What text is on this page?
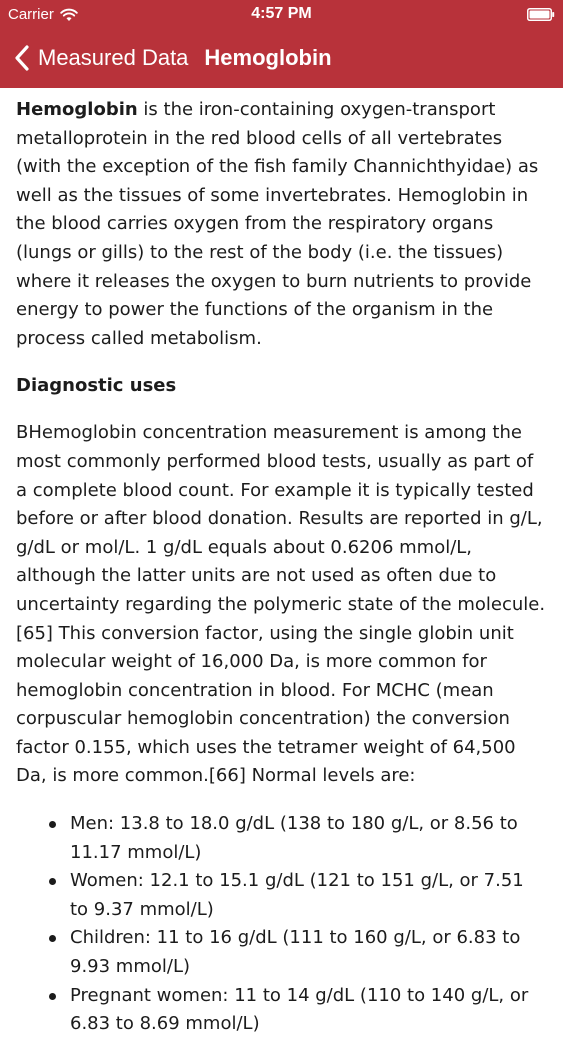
Carrier	4:57 PM
Measured Data Hemoglobin

Hemoglobin is the iron-containing oxygen-transport metalloprotein in the red blood cells of all vertebrates (with the exception of the fish family Channichthyidae) as well as the tissues of some invertebrates. Hemoglobin in the blood carries oxygen from the respiratory organs (lungs or gills) to the rest of the body (i.e. the tissues) where it releases the oxygen to burn nutrients to provide energy to power the functions of the organism in the process called metabolism.

Diagnostic uses

BHemoglobin concentration measurement is among the most commonly performed blood tests, usually as part of a complete blood count. For example it is typically tested before or after blood donation. Results are reported in g/L, g/dL or mol/L. 1 g/dL equals about 0.6206 mmol/L, although the latter units are not used as often due to uncertainty regarding the polymeric state of the molecule.[65] This conversion factor, using the single globin unit molecular weight of 16,000 Da, is more common for hemoglobin concentration in blood. For MCHC (mean corpuscular hemoglobin concentration) the conversion factor 0.155, which uses the tetramer weight of 64,500 Da, is more common.[66] Normal levels are:

Men: 13.8 to 18.0 g/dL (138 to 180 g/L, or 8.56 to 11.17 mmol/L)
Women: 12.1 to 15.1 g/dL (121 to 151 g/L, or 7.51 to 9.37 mmol/L)
Children: 11 to 16 g/dL (111 to 160 g/L, or 6.83 to 9.93 mmol/L)
Pregnant women: 11 to 14 g/dL (110 to 140 g/L, or 6.83 to 8.69 mmol/L)
